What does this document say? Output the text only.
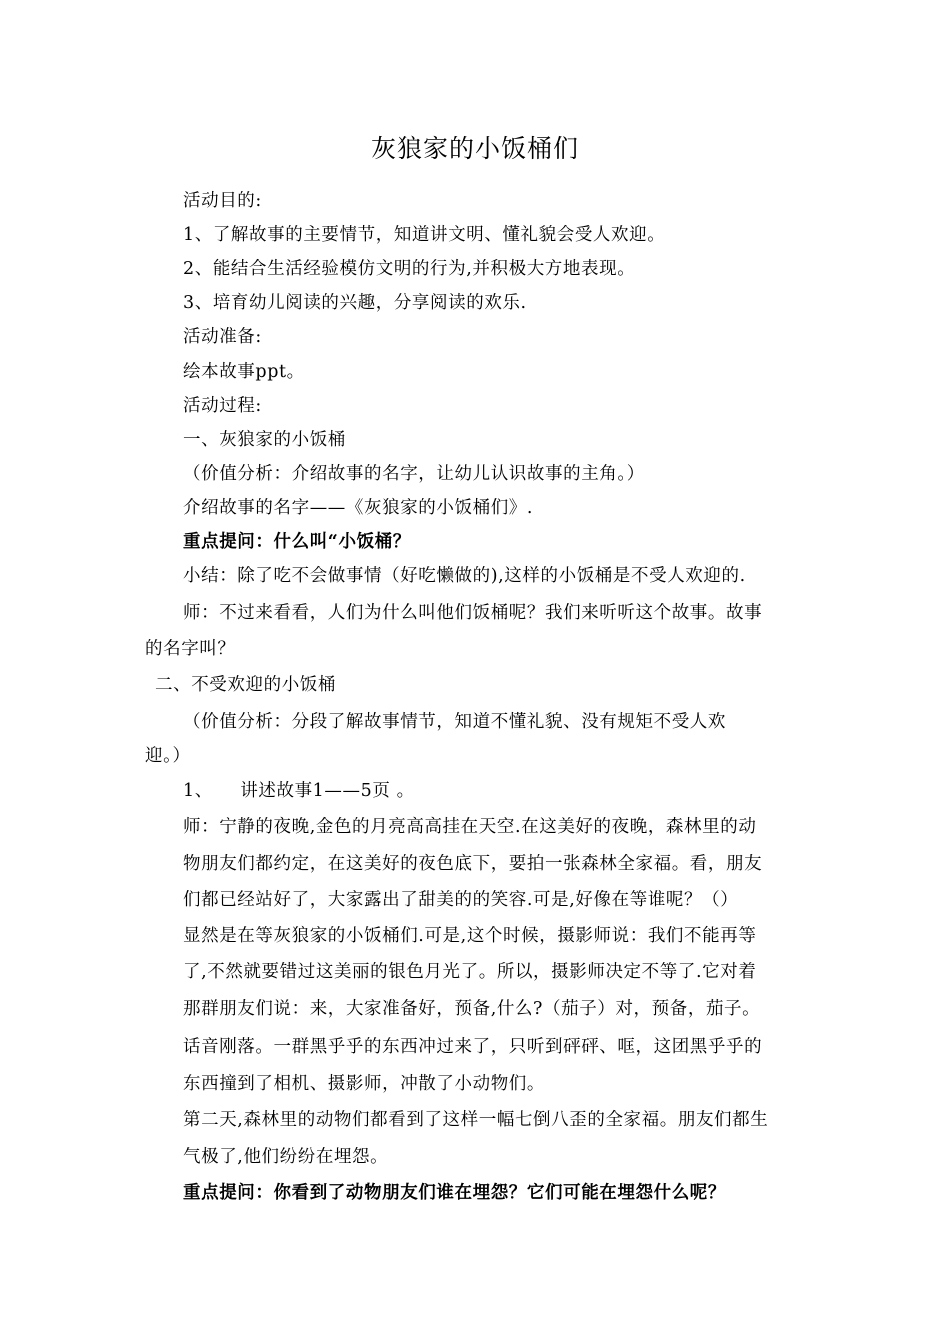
灰狼家的小饭桶们
活动目的:
1、了解故事的主要情节，知道讲文明、懂礼貌会受人欢迎。
2、能结合生活经验模仿文明的行为,并积极大方地表现。
3、培育幼儿阅读的兴趣，分享阅读的欢乐.
活动准备:
绘本故事ppt。
活动过程:
一、灰狼家的小饭桶
（价值分析：介绍故事的名字，让幼儿认识故事的主角。）
介绍故事的名字——《灰狼家的小饭桶们》.
重点提问：什么叫“小饭桶？
小结：除了吃不会做事情（好吃懒做的),这样的小饭桶是不受人欢迎的.
师：不过来看看，人们为什么叫他们饭桶呢？我们来听听这个故事。故事
的名字叫？
二、不受欢迎的小饭桶
（价值分析：分段了解故事情节，知道不懂礼貌、没有规矩不受人欢
迎。）
1、　　讲述故事1——5页 。
师：宁静的夜晚,金色的月亮高高挂在天空.在这美好的夜晚，森林里的动
物朋友们都约定，在这美好的夜色底下，要拍一张森林全家福。看，朋友
们都已经站好了，大家露出了甜美的的笑容.可是,好像在等谁呢？（）
显然是在等灰狼家的小饭桶们.可是,这个时候，摄影师说：我们不能再等
了,不然就要错过这美丽的银色月光了。所以，摄影师决定不等了.它对着
那群朋友们说：来，大家准备好，预备,什么?（茄子）对，预备，茄子。
话音刚落。一群黑乎乎的东西冲过来了，只听到砰砰、哐，这团黑乎乎的
东西撞到了相机、摄影师，冲散了小动物们。
第二天,森林里的动物们都看到了这样一幅七倒八歪的全家福。朋友们都生
气极了,他们纷纷在埋怨。
重点提问：你看到了动物朋友们谁在埋怨？它们可能在埋怨什么呢？
